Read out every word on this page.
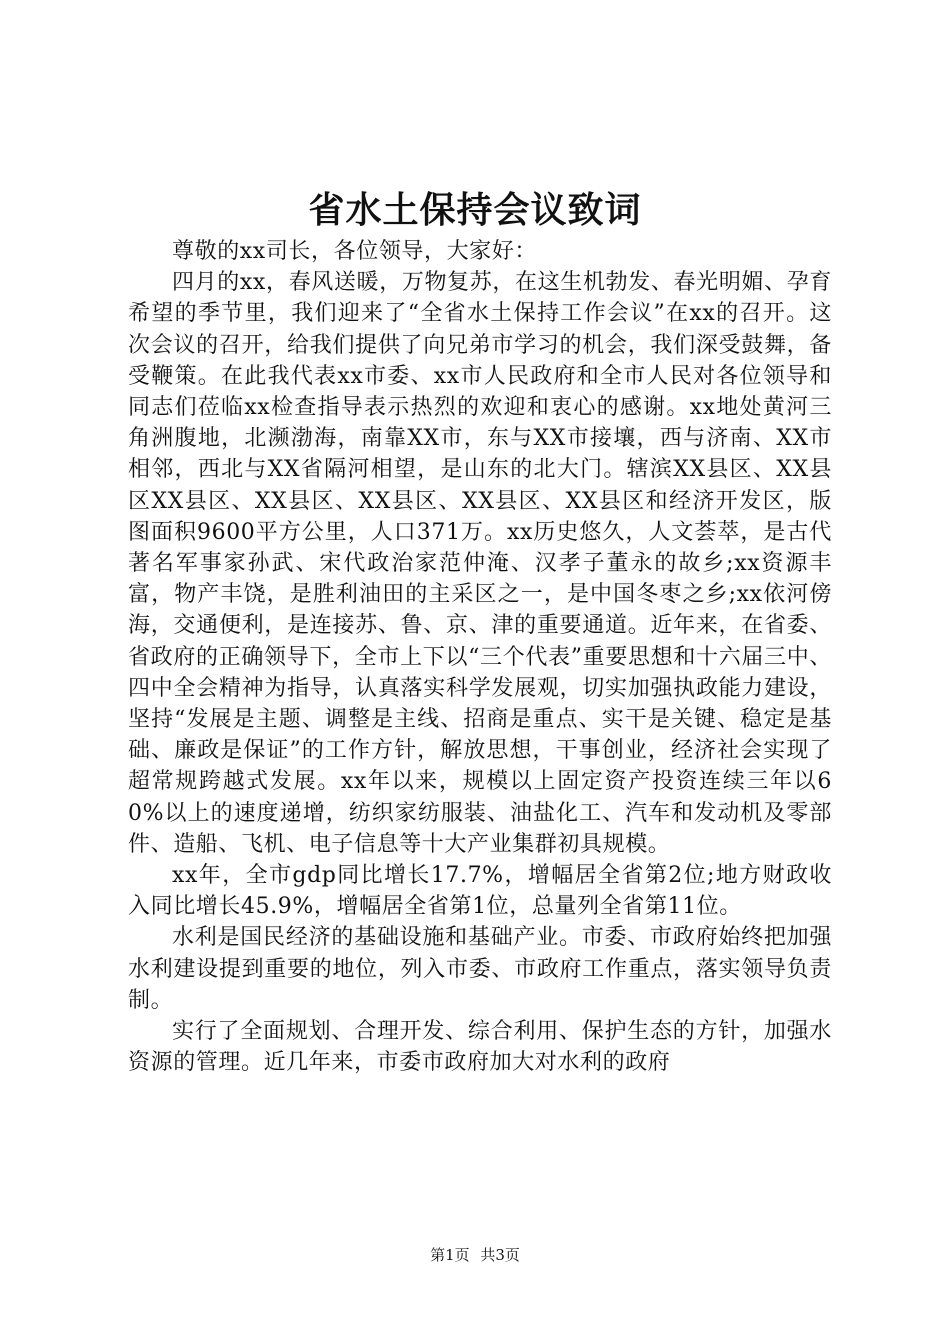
省水土保持会议致词

尊敬的xx司长，各位领导，大家好：

四月的xx，春风送暖，万物复苏，在这生机勃发、春光明媚、孕育希望的季节里，我们迎来了“全省水土保持工作会议”在xx的召开。这次会议的召开，给我们提供了向兄弟市学习的机会，我们深受鼓舞，备受鞭策。在此我代表xx市委、xx市人民政府和全市人民对各位领导和同志们莅临xx检查指导表示热烈的欢迎和衷心的感谢。xx地处黄河三角洲腹地，北濒渤海，南靠XX市，东与XX市接壤，西与济南、XX市相邻，西北与XX省隔河相望，是山东的北大门。辖滨XX县区、XX县区XX县区、XX县区、XX县区、XX县区、XX县区和经济开发区，版图面积9600平方公里，人口371万。xx历史悠久，人文荟萃，是古代著名军事家孙武、宋代政治家范仲淹、汉孝子董永的故乡;xx资源丰富，物产丰饶，是胜利油田的主采区之一，是中国冬枣之乡;xx依河傍海，交通便利，是连接苏、鲁、京、津的重要通道。近年来，在省委、省政府的正确领导下，全市上下以“三个代表”重要思想和十六届三中、四中全会精神为指导，认真落实科学发展观，切实加强执政能力建设，坚持“发展是主题、调整是主线、招商是重点、实干是关键、稳定是基础、廉政是保证”的工作方针，解放思想，干事创业，经济社会实现了超常规跨越式发展。xx年以来，规模以上固定资产投资连续三年以60%以上的速度递增，纺织家纺服装、油盐化工、汽车和发动机及零部件、造船、飞机、电子信息等十大产业集群初具规模。

xx年，全市gdp同比增长17.7%，增幅居全省第2位;地方财政收入同比增长45.9%，增幅居全省第1位，总量列全省第11位。

水利是国民经济的基础设施和基础产业。市委、市政府始终把加强水利建设提到重要的地位，列入市委、市政府工作重点，落实领导负责制。

实行了全面规划、合理开发、综合利用、保护生态的方针，加强水资源的管理。近几年来，市委市政府加大对水利的政府

第1页 共3页
